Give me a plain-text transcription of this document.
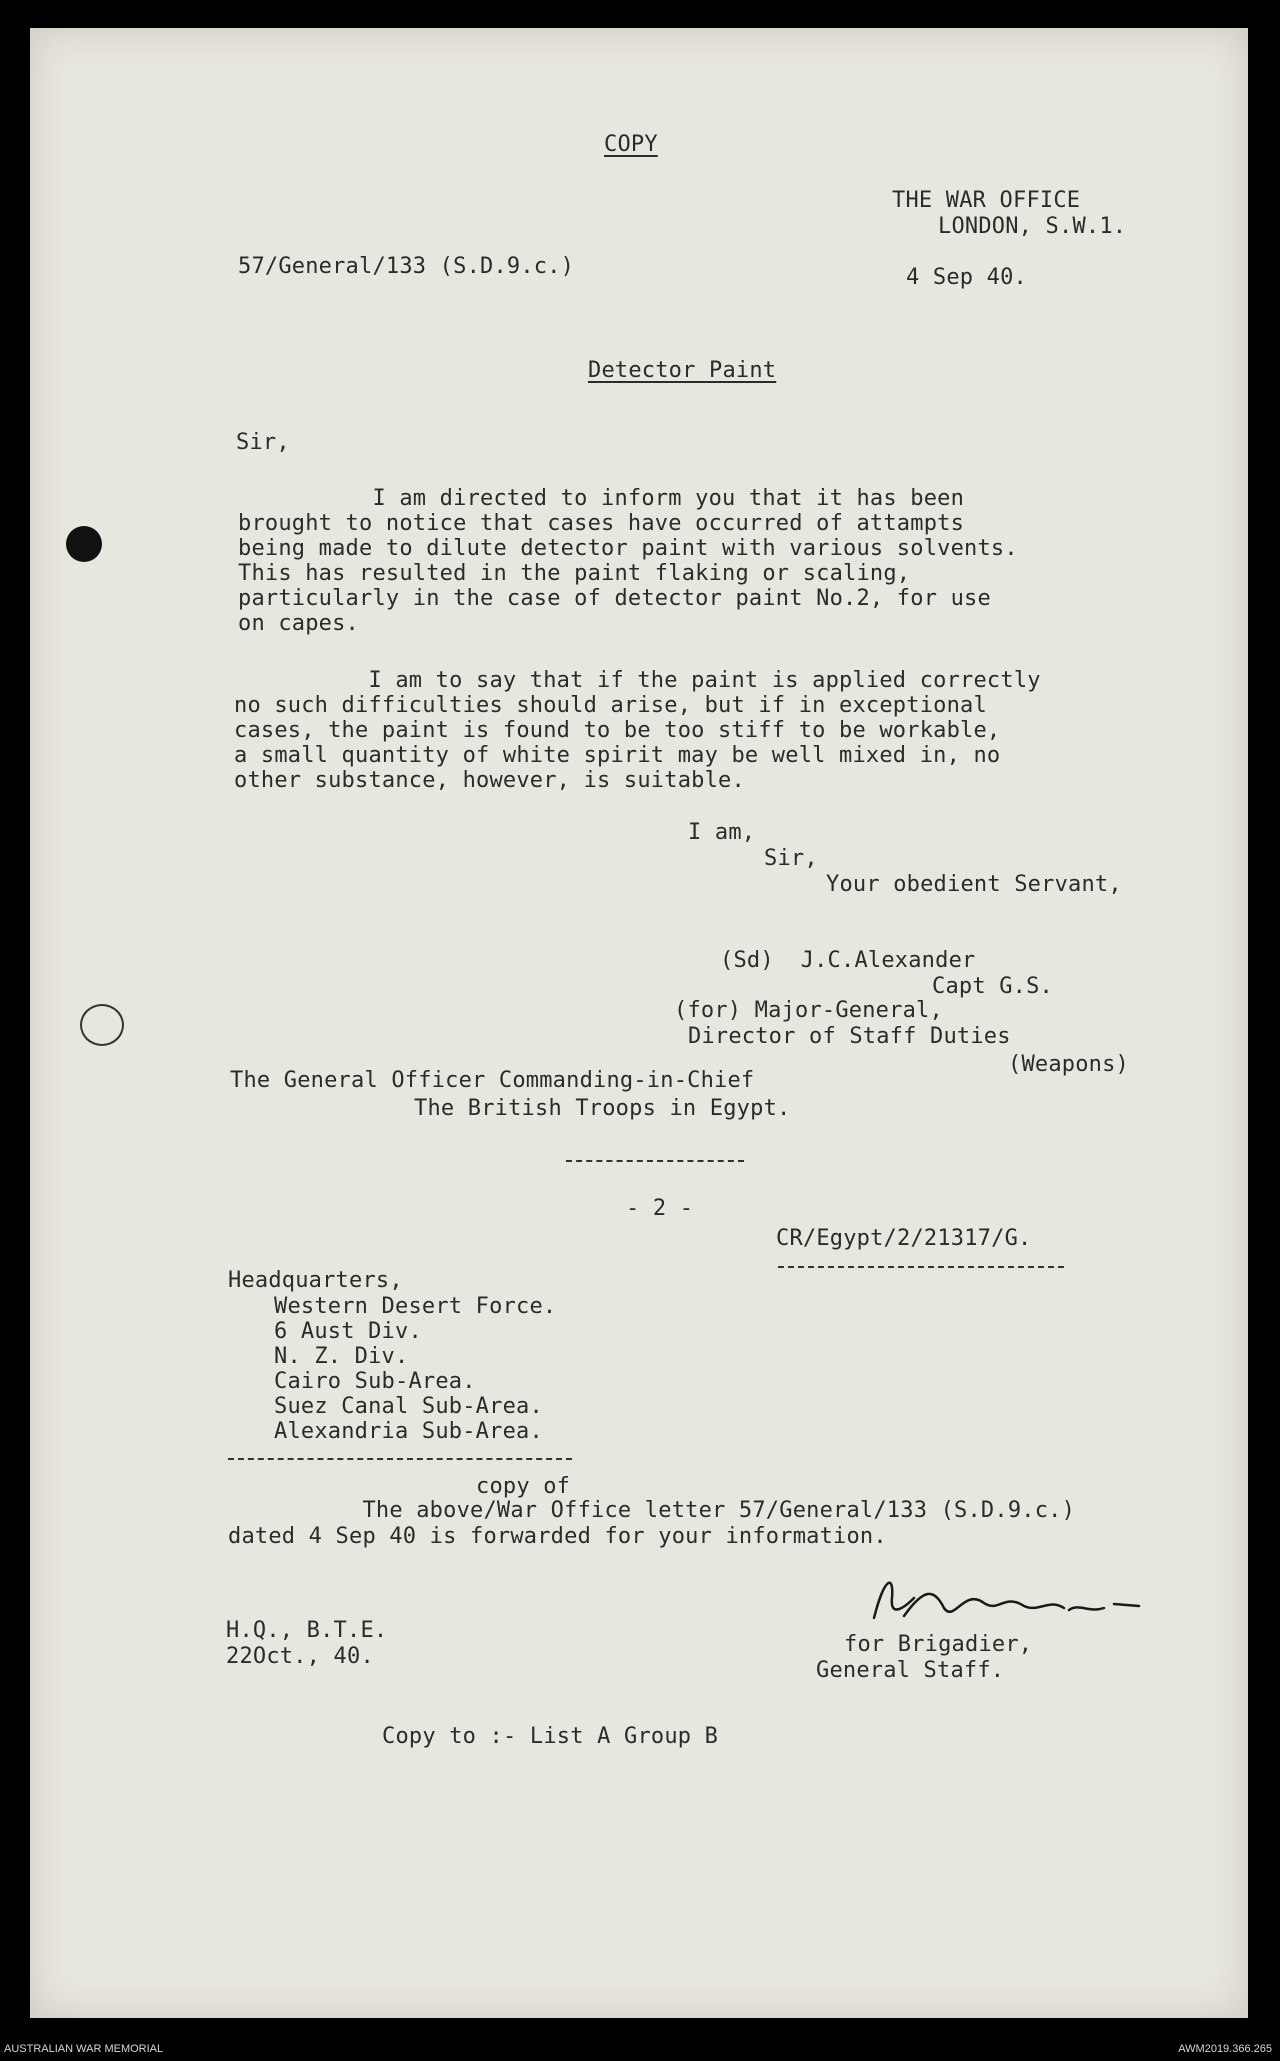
COPY
THE WAR OFFICE
LONDON, S.W.1.
57/General/133 (S.D.9.c.)	4 Sep 40.
Detector Paint
Sir,
I am directed to inform you that it has been
brought to notice that cases have occurred of attampts
being made to dilute detector paint with various solvents.
This has resulted in the paint flaking or scaling,
particularly in the case of detector paint No.2, for use
on capes.
I am to say that if the paint is applied correctly
no such difficulties should arise, but if in exceptional
cases, the paint is found to be too stiff to be workable,
a small quantity of white spirit may be well mixed in, no
other substance, however, is suitable.
I am,
Sir,
Your obedient Servant,
(Sd)  J.C.Alexander
Capt G.S.
(for) Major-General,
Director of Staff Duties
(Weapons)
The General Officer Commanding-in-Chief
The British Troops in Egypt.
- 2 -
CR/Egypt/2/21317/G.
Headquarters,
Western Desert Force.
6 Aust Div.
N. Z. Div.
Cairo Sub-Area.
Suez Canal Sub-Area.
Alexandria Sub-Area.
copy of
The above/War Office letter 57/General/133 (S.D.9.c.)
dated 4 Sep 40 is forwarded for your information.
H.Q., B.T.E.
22Oct., 40.	for Brigadier,
General Staff.
Copy to :- List A Group B
AUSTRALIAN WAR MEMORIAL	AWM2019.366.265
